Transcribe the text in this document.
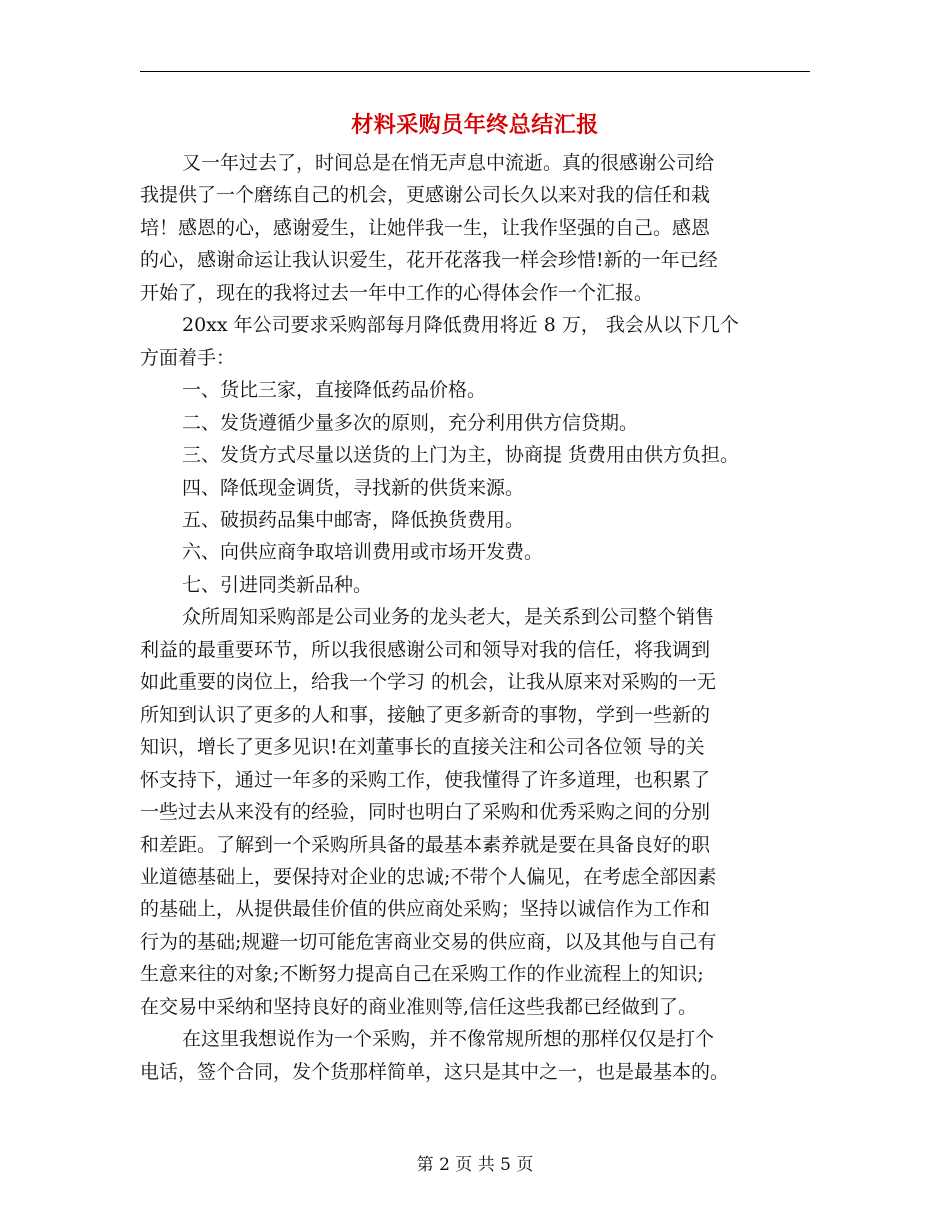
材料采购员年终总结汇报

又一年过去了，时间总是在悄无声息中流逝。真的很感谢公司给

我提供了一个磨练自己的机会，更感谢公司长久以来对我的信任和栽

培！感恩的心，感谢爱生，让她伴我一生，让我作坚强的自己。感恩

的心，感谢命运让我认识爱生，花开花落我一样会珍惜!新的一年已经

开始了，现在的我将过去一年中工作的心得体会作一个汇报。

20xx 年公司要求采购部每月降低费用将近 8 万， 我会从以下几个

方面着手：

一、货比三家，直接降低药品价格。

二、发货遵循少量多次的原则，充分利用供方信贷期。

三、发货方式尽量以送货的上门为主，协商提 货费用由供方负担。

四、降低现金调货，寻找新的供货来源。

五、破损药品集中邮寄，降低换货费用。

六、向供应商争取培训费用或市场开发费。

七、引进同类新品种。

众所周知采购部是公司业务的龙头老大，是关系到公司整个销售

利益的最重要环节，所以我很感谢公司和领导对我的信任，将我调到

如此重要的岗位上，给我一个学习 的机会，让我从原来对采购的一无

所知到认识了更多的人和事，接触了更多新奇的事物，学到一些新的

知识，增长了更多见识!在刘董事长的直接关注和公司各位领 导的关

怀支持下，通过一年多的采购工作，使我懂得了许多道理，也积累了

一些过去从来没有的经验，同时也明白了采购和优秀采购之间的分别

和差距。了解到一个采购所具备的最基本素养就是要在具备良好的职

业道德基础上，要保持对企业的忠诚;不带个人偏见，在考虑全部因素

的基础上，从提供最佳价值的供应商处采购；坚持以诚信作为工作和

行为的基础;规避一切可能危害商业交易的供应商，以及其他与自己有

生意来往的对象;不断努力提高自己在采购工作的作业流程上的知识;

在交易中采纳和坚持良好的商业准则等,信任这些我都已经做到了。

在这里我想说作为一个采购，并不像常规所想的那样仅仅是打个

电话，签个合同，发个货那样简单，这只是其中之一，也是最基本的。

第 2 页 共 5 页
